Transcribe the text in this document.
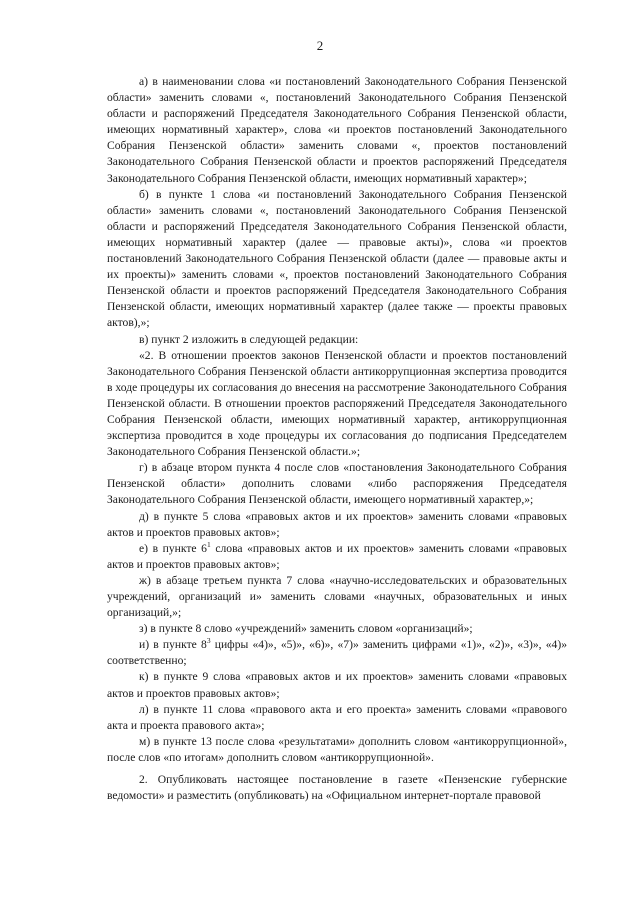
2

а) в наименовании слова «и постановлений Законодательного Собрания Пензенской области» заменить словами «, постановлений Законодательного Собрания Пензенской области и распоряжений Председателя Законодательного Собрания Пензенской области, имеющих нормативный характер», слова «и проектов постановлений Законодательного Собрания Пензенской области» заменить словами «, проектов постановлений Законодательного Собрания Пензенской области и проектов распоряжений Председателя Законодательного Собрания Пензенской области, имеющих нормативный характер»;

б) в пункте 1 слова «и постановлений Законодательного Собрания Пензенской области» заменить словами «, постановлений Законодательного Собрания Пензенской области и распоряжений Председателя Законодательного Собрания Пензенской области, имеющих нормативный характер (далее — правовые акты)», слова «и проектов постановлений Законодательного Собрания Пензенской области (далее — правовые акты и их проекты)» заменить словами «, проектов постановлений Законодательного Собрания Пензенской области и проектов распоряжений Председателя Законодательного Собрания Пензенской области, имеющих нормативный характер (далее также — проекты правовых актов),»;

в) пункт 2 изложить в следующей редакции:

«2. В отношении проектов законов Пензенской области и проектов постановлений Законодательного Собрания Пензенской области антикоррупционная экспертиза проводится в ходе процедуры их согласования до внесения на рассмотрение Законодательного Собрания Пензенской области. В отношении проектов распоряжений Председателя Законодательного Собрания Пензенской области, имеющих нормативный характер, антикоррупционная экспертиза проводится в ходе процедуры их согласования до подписания Председателем Законодательного Собрания Пензенской области.»;

г) в абзаце втором пункта 4 после слов «постановления Законодательного Собрания Пензенской области» дополнить словами «либо распоряжения Председателя Законодательного Собрания Пензенской области, имеющего нормативный характер,»;

д) в пункте 5 слова «правовых актов и их проектов» заменить словами «правовых актов и проектов правовых актов»;

е) в пункте $6^1$ слова «правовых актов и их проектов» заменить словами «правовых актов и проектов правовых актов»;

ж) в абзаце третьем пункта 7 слова «научно-исследовательских и образовательных учреждений, организаций и» заменить словами «научных, образовательных и иных организаций,»;

з) в пункте 8 слово «учреждений» заменить словом «организаций»;

и) в пункте $8^3$ цифры «4)», «5)», «6)», «7)» заменить цифрами «1)», «2)», «3)», «4)» соответственно;

к) в пункте 9 слова «правовых актов и их проектов» заменить словами «правовых актов и проектов правовых актов»;

л) в пункте 11 слова «правового акта и его проекта» заменить словами «правового акта и проекта правового акта»;

м) в пункте 13 после слова «результатами» дополнить словом «антикоррупционной», после слов «по итогам» дополнить словом «антикоррупционной».

2. Опубликовать настоящее постановление в газете «Пензенские губернские ведомости» и разместить (опубликовать) на «Официальном интернет-портале правовой
